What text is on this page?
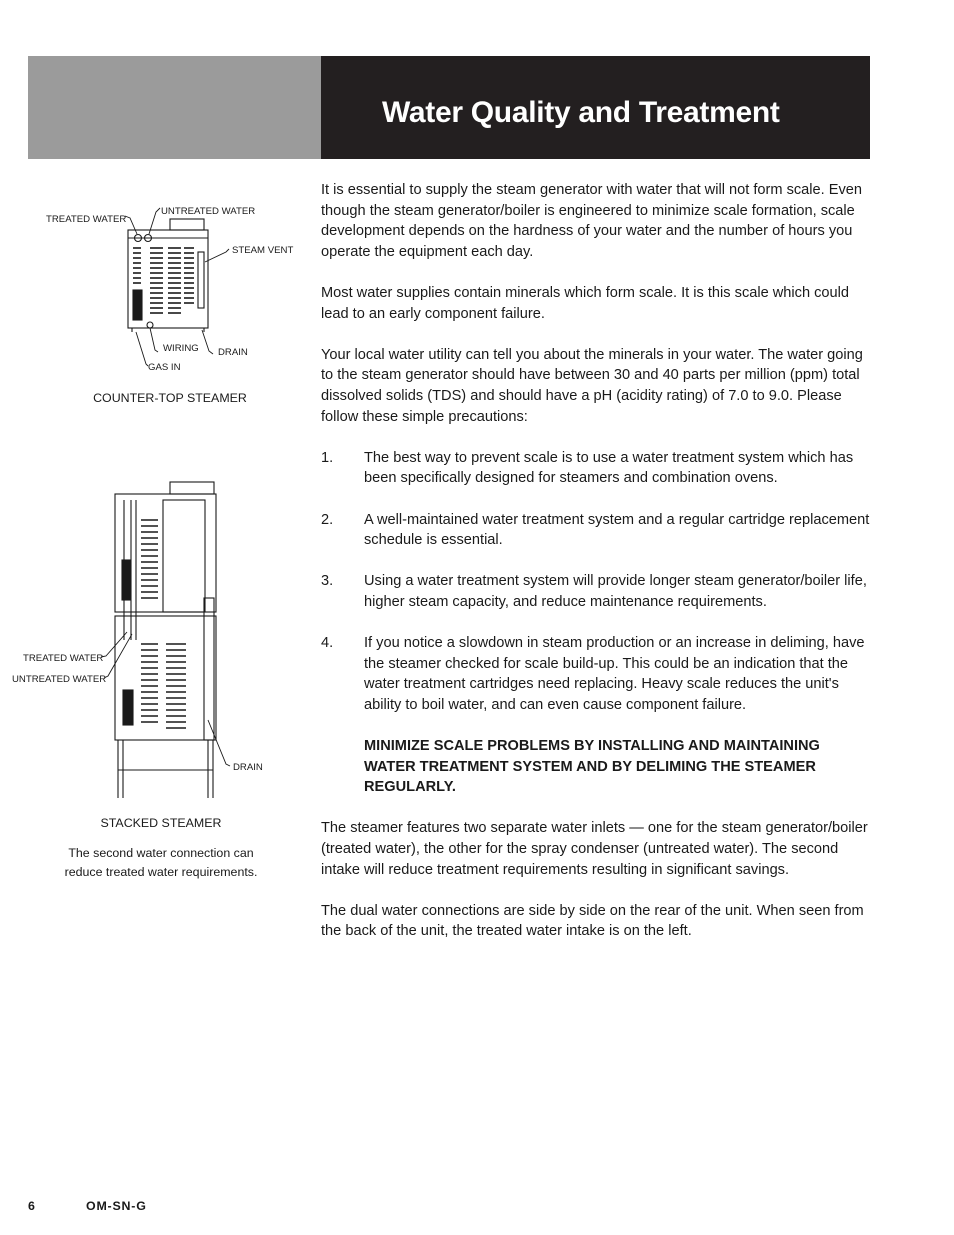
Water Quality and Treatment
TREATED WATER
UNTREATED WATER
STEAM VENT
WIRING
GAS IN
DRAIN
TREATED WATER
UNTREATED WATER
DRAIN
COUNTER-TOP STEAMER
STACKED STEAMER
The second water connection can reduce treated water requirements.

It is essential to supply the steam generator with water that will not form scale. Even though the steam generator/boiler is engineered to minimize scale formation, scale development depends on the hardness of your water and the number of hours you operate the equipment each day.

Most water supplies contain minerals which form scale. It is this scale which could lead to an early component failure.

Your local water utility can tell you about the minerals in your water. The water going to the steam generator should have between 30 and 40 parts per million (ppm) total dissolved solids (TDS) and should have a pH (acidity rating) of 7.0 to 9.0. Please follow these simple precautions:

1. The best way to prevent scale is to use a water treatment system which has been specifically designed for steamers and combination ovens.
2. A well-maintained water treatment system and a regular cartridge replacement schedule is essential.
3. Using a water treatment system will provide longer steam generator/boiler life, higher steam capacity, and reduce maintenance requirements.
4. If you notice a slowdown in steam production or an increase in deliming, have the steamer checked for scale build-up. This could be an indication that the water treatment cartridges need replacing. Heavy scale reduces the unit's ability to boil water, and can even cause component failure.

MINIMIZE SCALE PROBLEMS BY INSTALLING AND MAINTAINING WATER TREATMENT SYSTEM AND BY DELIMING THE STEAMER REGULARLY.

The steamer features two separate water inlets — one for the steam generator/boiler (treated water), the other for the spray condenser (untreated water). The second intake will reduce treatment requirements resulting in significant savings.

The dual water connections are side by side on the rear of the unit. When seen from the back of the unit, the treated water intake is on the left.

6	OM-SN-G
